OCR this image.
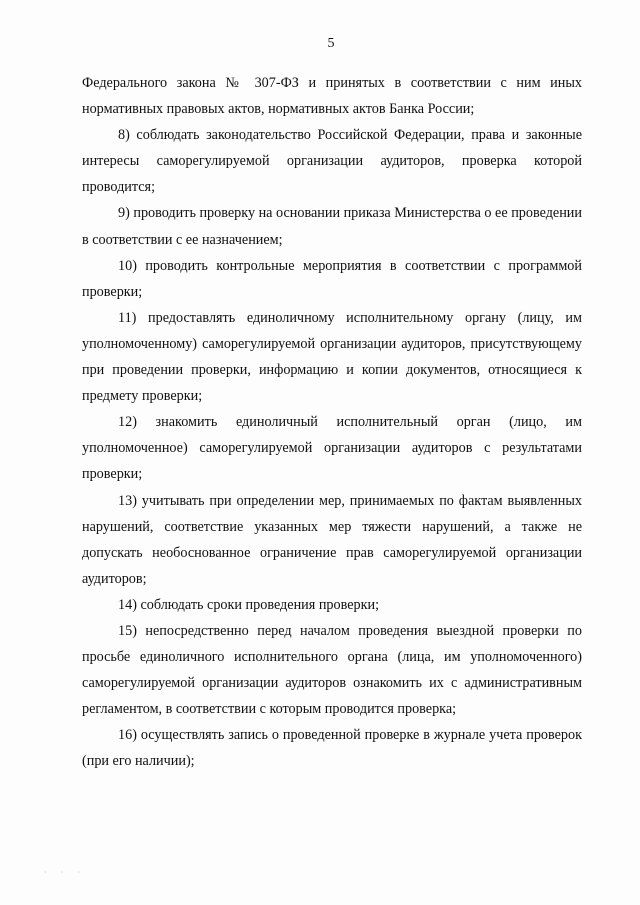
5

Федерального закона № 307-ФЗ и принятых в соответствии с ним иных нормативных правовых актов, нормативных актов Банка России;

8) соблюдать законодательство Российской Федерации, права и законные интересы саморегулируемой организации аудиторов, проверка которой проводится;

9) проводить проверку на основании приказа Министерства о ее проведении в соответствии с ее назначением;

10) проводить контрольные мероприятия в соответствии с программой проверки;

11) предоставлять единоличному исполнительному органу (лицу, им уполномоченному) саморегулируемой организации аудиторов, присутствующему при проведении проверки, информацию и копии документов, относящиеся к предмету проверки;

12) знакомить единоличный исполнительный орган (лицо, им уполномоченное) саморегулируемой организации аудиторов с результатами проверки;

13) учитывать при определении мер, принимаемых по фактам выявленных нарушений, соответствие указанных мер тяжести нарушений, а также не допускать необоснованное ограничение прав саморегулируемой организации аудиторов;

14) соблюдать сроки проведения проверки;

15) непосредственно перед началом проведения выездной проверки по просьбе единоличного исполнительного органа (лица, им уполномоченного) саморегулируемой организации аудиторов ознакомить их с административным регламентом, в соответствии с которым проводится проверка;

16) осуществлять запись о проведенной проверке в журнале учета проверок (при его наличии);

· · ·
